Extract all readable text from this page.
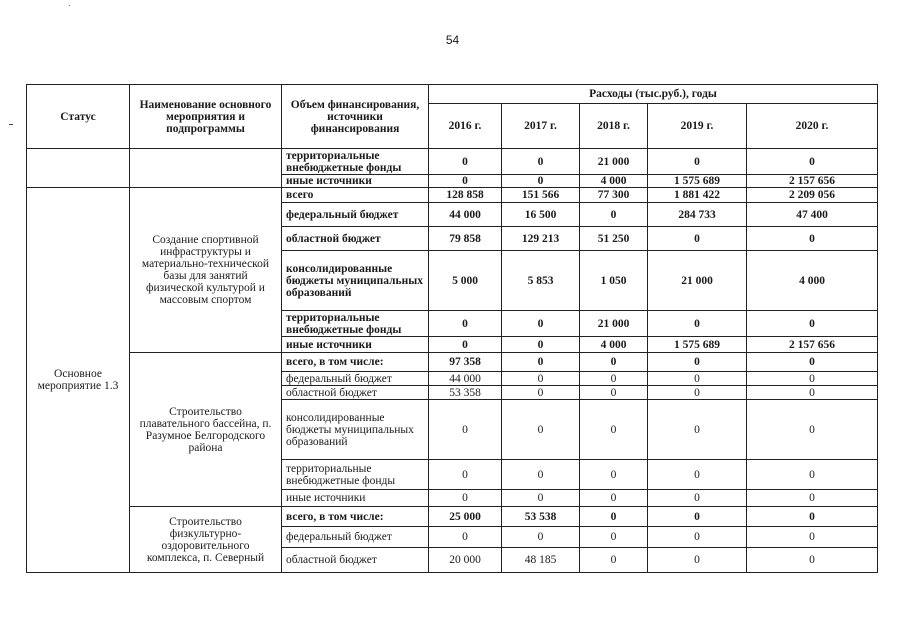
54
Статус	Наименование основного мероприятия и подпрограммы	Объем финансирования, источники финансирования	Расходы (тыс.руб.), годы				
			2016 г.	2017 г.	2018 г.	2019 г.	2020 г.
		территориальные внебюджетные фонды	0	0	21 000	0	0
		иные источники	0	0	4 000	1 575 689	2 157 656
Основное мероприятие 1.3	Создание спортивной инфраструктуры и материально-технической базы для занятий физической культурой и массовым спортом	всего	128 858	151 566	77 300	1 881 422	2 209 056
		федеральный бюджет	44 000	16 500	0	284 733	47 400
		областной бюджет	79 858	129 213	51 250	0	0
		консолидированные бюджеты муниципальных образований	5 000	5 853	1 050	21 000	4 000
		территориальные внебюджетные фонды	0	0	21 000	0	0
		иные источники	0	0	4 000	1 575 689	2 157 656
	Строительство плавательного бассейна, п. Разумное Белгородского района	всего, в том числе:	97 358	0	0	0	0
		федеральный бюджет	44 000	0	0	0	0
		областной бюджет	53 358	0	0	0	0
		консолидированные бюджеты муниципальных образований	0	0	0	0	0
		территориальные внебюджетные фонды	0	0	0	0	0
		иные источники	0	0	0	0	0
	Строительство физкультурно-оздоровительного комплекса, п. Северный	всего, в том числе:	25 000	53 538	0	0	0
		федеральный бюджет	0	0	0	0	0
		областной бюджет	20 000	48 185	0	0	0
